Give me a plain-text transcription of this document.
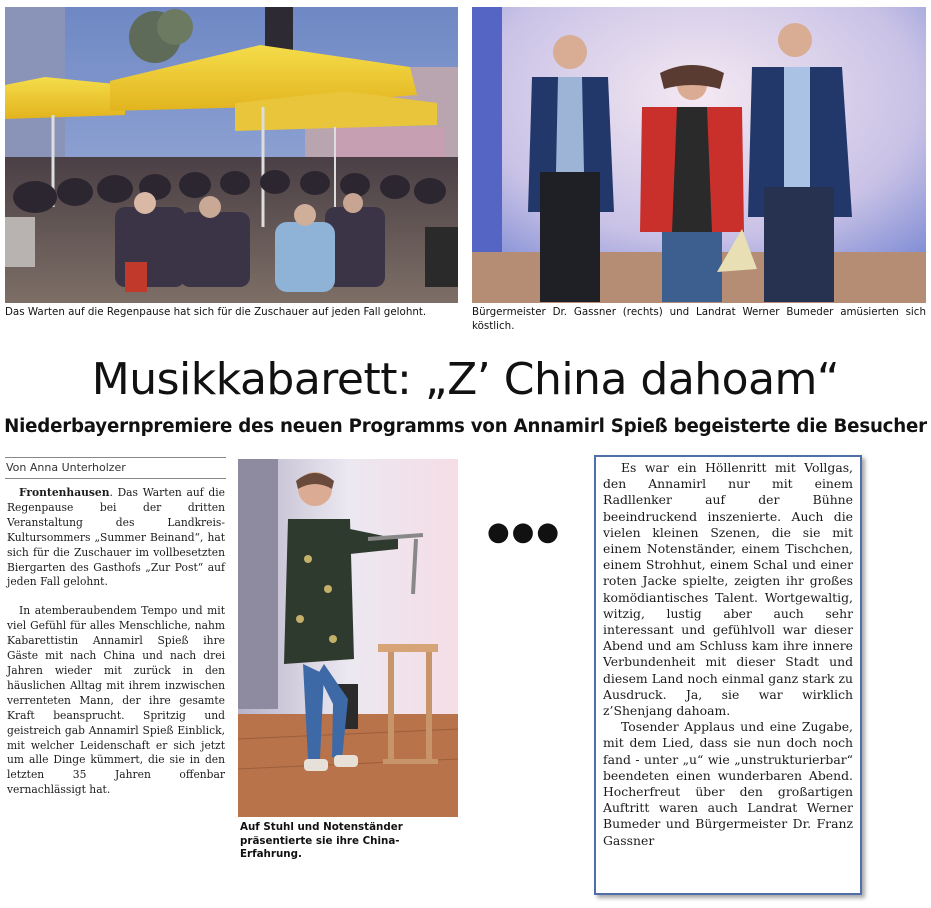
Das Warten auf die Regenpause hat sich für die Zuschauer auf jeden Fall gelohnt.	Bürgermeister Dr. Gassner (rechts) und Landrat Werner Bumeder amüsierten sich köstlich.
Musikkabarett: „Z’ China dahoam“
Niederbayernpremiere des neuen Programms von Annamirl Spieß begeisterte die Besucher
Von Anna Unterholzer

Frontenhausen. Das Warten auf die Regenpause bei der dritten Veranstaltung des Landkreis-Kultursommers „Summer Beinand“, hat sich für die Zuschauer im vollbesetzten Biergarten des Gasthofs „Zur Post“ auf jeden Fall gelohnt.

In atemberaubendem Tempo und mit viel Gefühl für alles Menschliche, nahm Kabarettistin Annamirl Spieß ihre Gäste mit nach China und nach drei Jahren wieder mit zurück in den häuslichen Alltag mit ihrem inzwischen verrenteten Mann, der ihre gesamte Kraft beansprucht. Spritzig und geistreich gab Annamirl Spieß Einblick, mit welcher Leidenschaft er sich jetzt um alle Dinge kümmert, die sie in den letzten 35 Jahren offenbar vernachlässigt hat.

Auf Stuhl und Notenständer präsentierte sie ihre China-Erfahrung.
●●●

Es war ein Höllenritt mit Vollgas, den Annamirl nur mit einem Radllenker auf der Bühne beeindruckend inszenierte. Auch die vielen kleinen Szenen, die sie mit einem Notenständer, einem Tischchen, einem Strohhut, einem Schal und einer roten Jacke spielte, zeigten ihr großes komödiantisches Talent. Wortgewaltig, witzig, lustig aber auch sehr interessant und gefühlvoll war dieser Abend und am Schluss kam ihre innere Verbundenheit mit dieser Stadt und diesem Land noch einmal ganz stark zu Ausdruck. Ja, sie war wirklich z’Shenjang dahoam.

Tosender Applaus und eine Zugabe, mit dem Lied, dass sie nun doch noch fand - unter „u“ wie „unstrukturierbar“ beendeten einen wunderbaren Abend. Hocherfreut über den großartigen Auftritt waren auch Landrat Werner Bumeder und Bürgermeister Dr. Franz Gassner
